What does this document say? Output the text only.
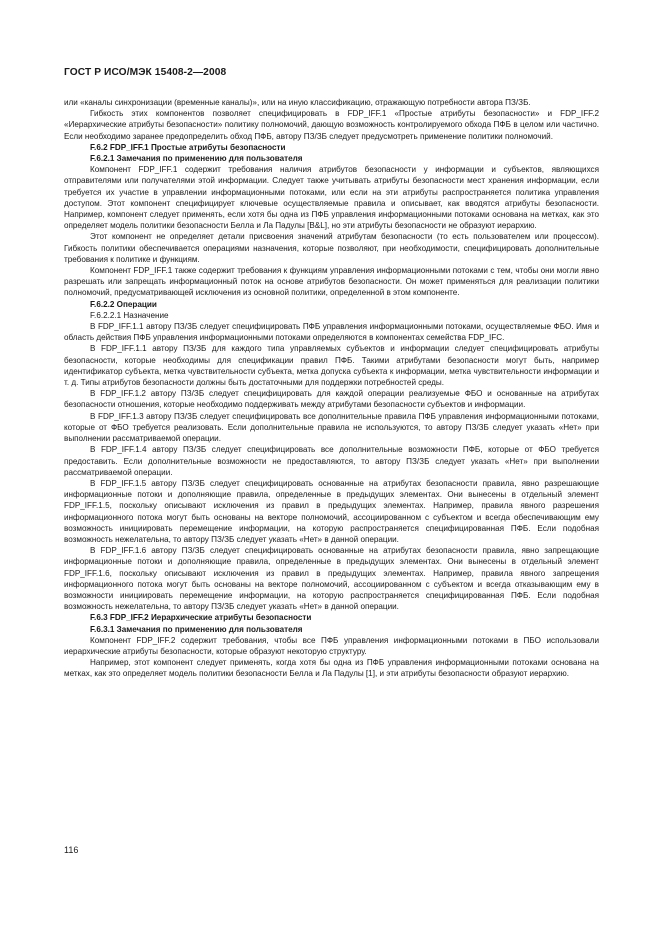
ГОСТ Р ИСО/МЭК 15408-2—2008

или «каналы синхронизации (временные каналы)», или на иную классификацию, отражающую потребности автора ПЗ/ЗБ.

Гибкость этих компонентов позволяет специфицировать в FDP_IFF.1 «Простые атрибуты безопасности» и FDP_IFF.2 «Иерархические атрибуты безопасности» политику полномочий, дающую возможность контролируемого обхода ПФБ в целом или частично. Если необходимо заранее предопределить обход ПФБ, автору ПЗ/ЗБ следует предусмотреть применение политики полномочий.

F.6.2 FDP_IFF.1 Простые атрибуты безопасности

F.6.2.1 Замечания по применению для пользователя

Компонент FDP_IFF.1 содержит требования наличия атрибутов безопасности у информации и субъектов, являющихся отправителями или получателями этой информации. Следует также учитывать атрибуты безопасности мест хранения информации, если требуется их участие в управлении информационными потоками, или если на эти атрибуты распространяется политика управления доступом. Этот компонент специфицирует ключевые осуществляемые правила и описывает, как вводятся атрибуты безопасности. Например, компонент следует применять, если хотя бы одна из ПФБ управления информационными потоками основана на метках, как это определяет модель политики безопасности Белла и Ла Падулы [B&L], но эти атрибуты безопасности не образуют иерархию.

Этот компонент не определяет детали присвоения значений атрибутам безопасности (то есть пользователем или процессом). Гибкость политики обеспечивается операциями назначения, которые позволяют, при необходимости, специфицировать дополнительные требования к политике и функциям.

Компонент FDP_IFF.1 также содержит требования к функциям управления информационными потоками с тем, чтобы они могли явно разрешать или запрещать информационный поток на основе атрибутов безопасности. Он может применяться для реализации политики полномочий, предусматривающей исключения из основной политики, определенной в этом компоненте.

F.6.2.2 Операции

F.6.2.2.1 Назначение

В FDP_IFF.1.1 автору ПЗ/ЗБ следует специфицировать ПФБ управления информационными потоками, осуществляемые ФБО. Имя и область действия ПФБ управления информационными потоками определяются в компонентах семейства FDP_IFC.

В FDP_IFF.1.1 автору ПЗ/ЗБ для каждого типа управляемых субъектов и информации следует специфицировать атрибуты безопасности, которые необходимы для спецификации правил ПФБ. Такими атрибутами безопасности могут быть, например идентификатор субъекта, метка чувствительности субъекта, метка допуска субъекта к информации, метка чувствительности информации и т. д. Типы атрибутов безопасности должны быть достаточными для поддержки потребностей среды.

В FDP_IFF.1.2 автору ПЗ/ЗБ следует специфицировать для каждой операции реализуемые ФБО и основанные на атрибутах безопасности отношения, которые необходимо поддерживать между атрибутами безопасности субъектов и информации.

В FDP_IFF.1.3 автору ПЗ/ЗБ следует специфицировать все дополнительные правила ПФБ управления информационными потоками, которые от ФБО требуется реализовать. Если дополнительные правила не используются, то автору ПЗ/ЗБ следует указать «Нет» при выполнении рассматриваемой операции.

В FDP_IFF.1.4 автору ПЗ/ЗБ следует специфицировать все дополнительные возможности ПФБ, которые от ФБО требуется предоставить. Если дополнительные возможности не предоставляются, то автору ПЗ/ЗБ следует указать «Нет» при выполнении рассматриваемой операции.

В FDP_IFF.1.5 автору ПЗ/ЗБ следует специфицировать основанные на атрибутах безопасности правила, явно разрешающие информационные потоки и дополняющие правила, определенные в предыдущих элементах. Они вынесены в отдельный элемент FDP_IFF.1.5, поскольку описывают исключения из правил в предыдущих элементах. Например, правила явного разрешения информационного потока могут быть основаны на векторе полномочий, ассоциированном с субъектом и всегда обеспечивающим ему возможность инициировать перемещение информации, на которую распространяется специфицированная ПФБ. Если подобная возможность нежелательна, то автору ПЗ/ЗБ следует указать «Нет» в данной операции.

В FDP_IFF.1.6 автору ПЗ/ЗБ следует специфицировать основанные на атрибутах безопасности правила, явно запрещающие информационные потоки и дополняющие правила, определенные в предыдущих элементах. Они вынесены в отдельный элемент FDP_IFF.1.6, поскольку описывают исключения из правил в предыдущих элементах. Например, правила явного запрещения информационного потока могут быть основаны на векторе полномочий, ассоциированном с субъектом и всегда отказывающим ему в возможности инициировать перемещение информации, на которую распространяется специфицированная ПФБ. Если подобная возможность нежелательна, то автору ПЗ/ЗБ следует указать «Нет» в данной операции.

F.6.3 FDP_IFF.2 Иерархические атрибуты безопасности

F.6.3.1 Замечания по применению для пользователя

Компонент FDP_IFF.2 содержит требования, чтобы все ПФБ управления информационными потоками в ПБО использовали иерархические атрибуты безопасности, которые образуют некоторую структуру.

Например, этот компонент следует применять, когда хотя бы одна из ПФБ управления информационными потоками основана на метках, как это определяет модель политики безопасности Белла и Ла Падулы [1], и эти атрибуты безопасности образуют иерархию.

116
